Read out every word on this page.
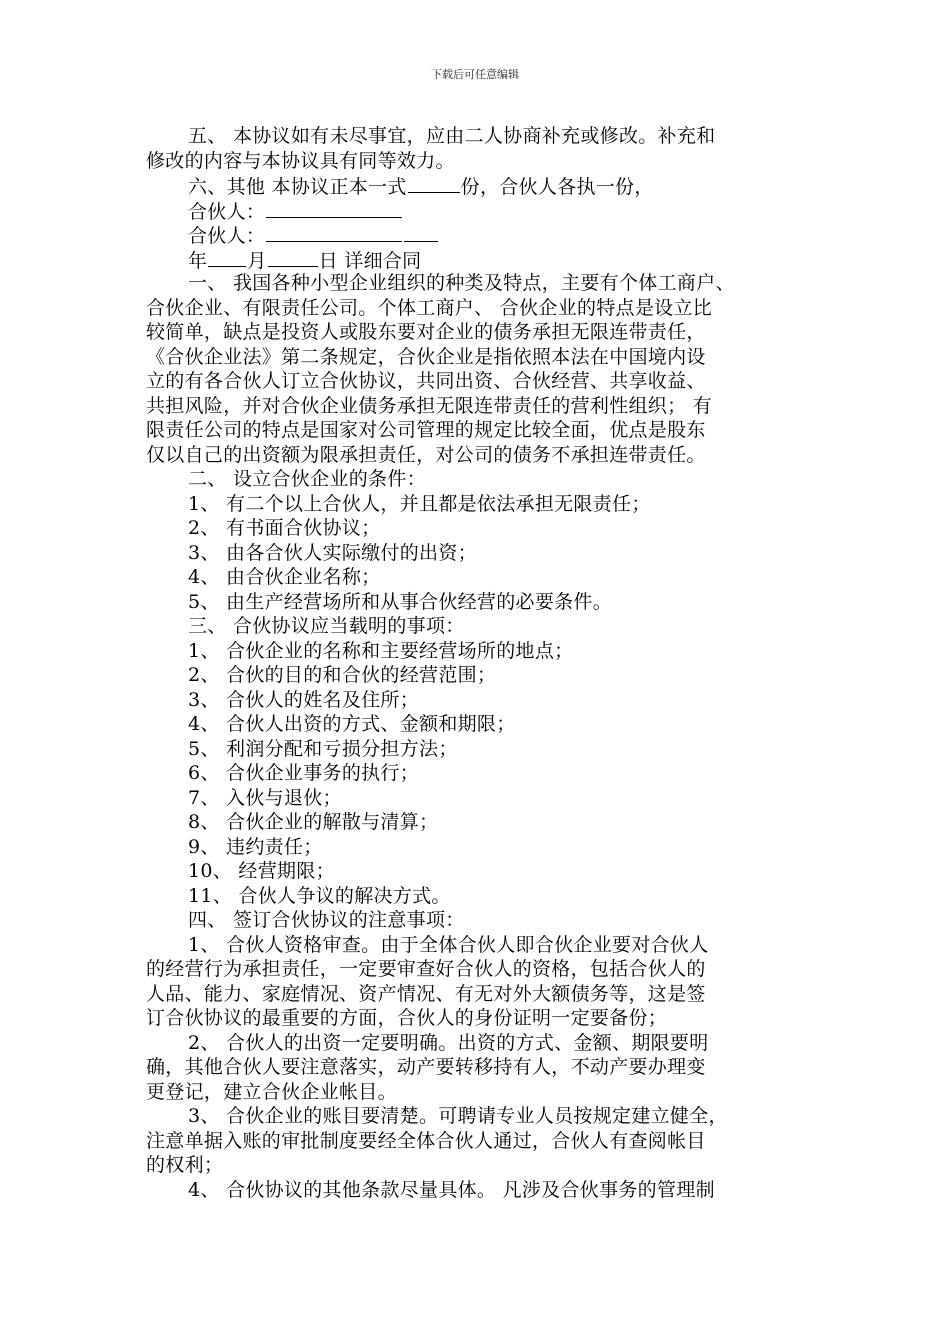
下载后可任意编辑
五、 本协议如有未尽事宜，应由二人协商补充或修改。补充和
修改的内容与本协议具有同等效力。
六、其他 本协议正本一式	份，合伙人各执一份，
合伙人：
合伙人：
年 月	日 详细合同
一、 我国各种小型企业组织的种类及特点，主要有个体工商户、
合伙企业、有限责任公司。个体工商户、 合伙企业的特点是设立比
较简单，缺点是投资人或股东要对企业的债务承担无限连带责任，
《合伙企业法》第二条规定，合伙企业是指依照本法在中国境内设
立的有各合伙人订立合伙协议，共同出资、合伙经营、共享收益、
共担风险，并对合伙企业债务承担无限连带责任的营利性组织； 有
限责任公司的特点是国家对公司管理的规定比较全面，优点是股东
仅以自己的出资额为限承担责任，对公司的债务不承担连带责任。
二、 设立合伙企业的条件：
1、 有二个以上合伙人，并且都是依法承担无限责任；
2、 有书面合伙协议；
3、 由各合伙人实际缴付的出资；
4、 由合伙企业名称；
5、 由生产经营场所和从事合伙经营的必要条件。
三、 合伙协议应当载明的事项：
1、 合伙企业的名称和主要经营场所的地点；
2、 合伙的目的和合伙的经营范围；
3、 合伙人的姓名及住所；
4、 合伙人出资的方式、金额和期限；
5、 利润分配和亏损分担方法；
6、 合伙企业事务的执行；
7、 入伙与退伙；
8、 合伙企业的解散与清算；
9、 违约责任；
10、 经营期限；
11、 合伙人争议的解决方式。
四、 签订合伙协议的注意事项：
1、 合伙人资格审查。由于全体合伙人即合伙企业要对合伙人
的经营行为承担责任，一定要审查好合伙人的资格，包括合伙人的
人品、能力、家庭情况、资产情况、有无对外大额债务等，这是签
订合伙协议的最重要的方面，合伙人的身份证明一定要备份；
2、 合伙人的出资一定要明确。出资的方式、金额、期限要明
确，其他合伙人要注意落实，动产要转移持有人，不动产要办理变
更登记，建立合伙企业帐目。
3、 合伙企业的账目要清楚。可聘请专业人员按规定建立健全，
注意单据入账的审批制度要经全体合伙人通过，合伙人有查阅帐目
的权利；
4、 合伙协议的其他条款尽量具体。 凡涉及合伙事务的管理制
